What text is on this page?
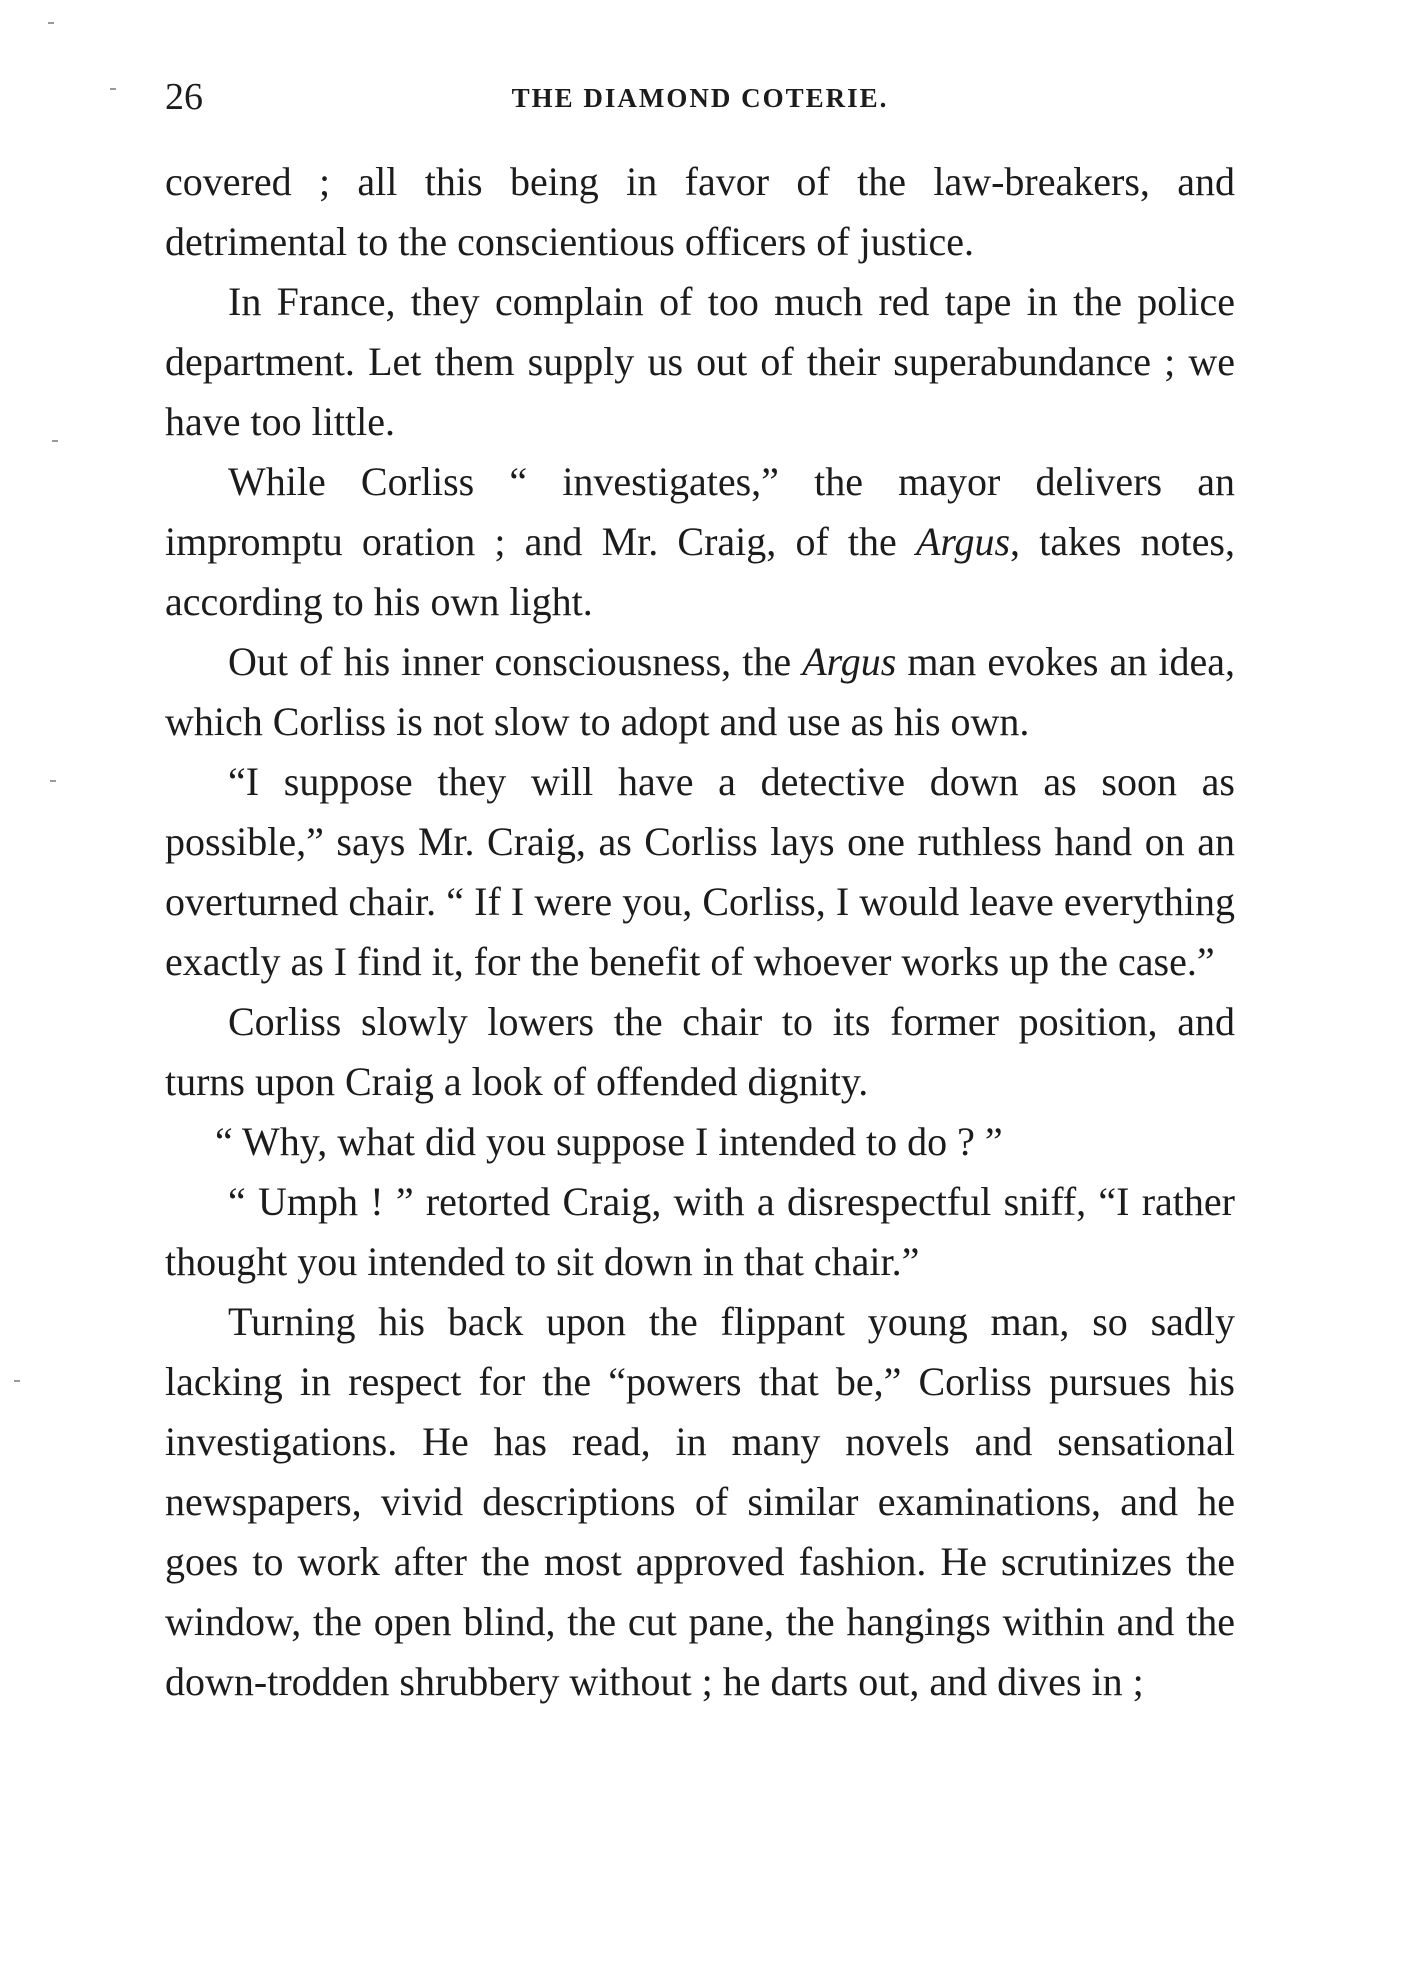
26	THE DIAMOND COTERIE.

covered ; all this being in favor of the law-breakers, and detrimental to the conscientious officers of justice.

In France, they complain of too much red tape in the police department. Let them supply us out of their superabundance ; we have too little.

While Corliss “ investigates,” the mayor delivers an impromptu oration ; and Mr. Craig, of the Argus, takes notes, according to his own light.

Out of his inner consciousness, the Argus man evokes an idea, which Corliss is not slow to adopt and use as his own.

“I suppose they will have a detective down as soon as possible,” says Mr. Craig, as Corliss lays one ruthless hand on an overturned chair. “ If I were you, Corliss, I would leave everything exactly as I find it, for the benefit of whoever works up the case.”

Corliss slowly lowers the chair to its former position, and turns upon Craig a look of offended dignity.

“ Why, what did you suppose I intended to do ? ”

“ Umph ! ” retorted Craig, with a disrespectful sniff, “I rather thought you intended to sit down in that chair.”

Turning his back upon the flippant young man, so sadly lacking in respect for the “powers that be,” Corliss pursues his investigations. He has read, in many novels and sensational newspapers, vivid descriptions of similar examinations, and he goes to work after the most approved fashion. He scrutinizes the window, the open blind, the cut pane, the hangings within and the down-trodden shrubbery without ; he darts out, and dives in ;
